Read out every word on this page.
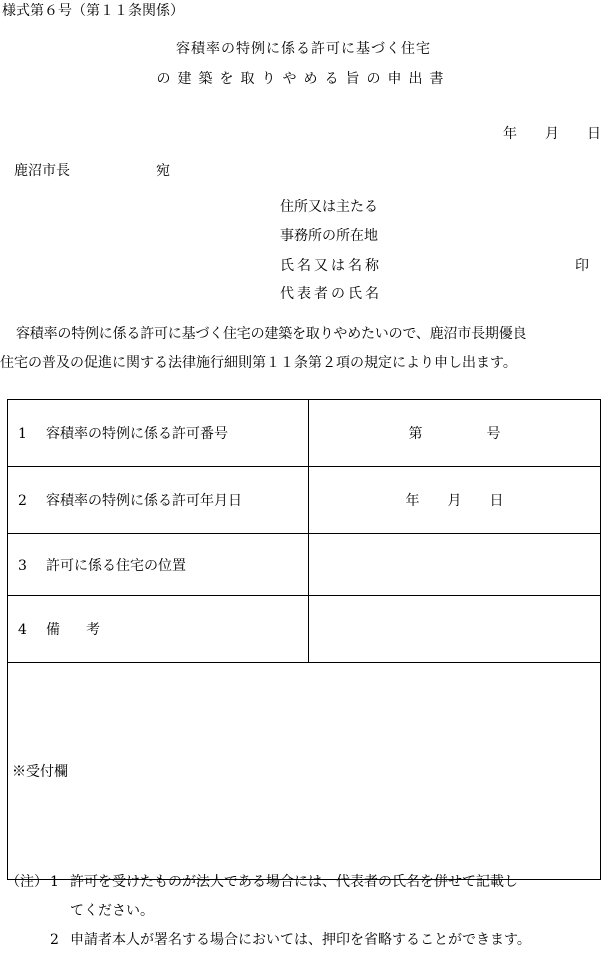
様式第６号（第１１条関係）
容積率の特例に係る許可に基づく住宅
の建築を取りやめる旨の申出書
年 月 日
鹿沼市長	宛
住所又は主たる
事務所の所在地
氏名又は名称	印
代表者の氏名

容積率の特例に係る許可に基づく住宅の建築を取りやめたいので、鹿沼市長期優良

住宅の普及の促進に関する法律施行細則第１１条第２項の規定により申し出ます。

1 容積率の特例に係る許可番号	第 号
2 容積率の特例に係る許可年月日	年 月 日
3 許可に係る住宅の位置	
4 備　考	
※受付欄	
（注） 1 許可を受けたものが法人である場合には、代表者の氏名を併せて記載し
てください。
2 申請者本人が署名する場合においては、押印を省略することができます。
